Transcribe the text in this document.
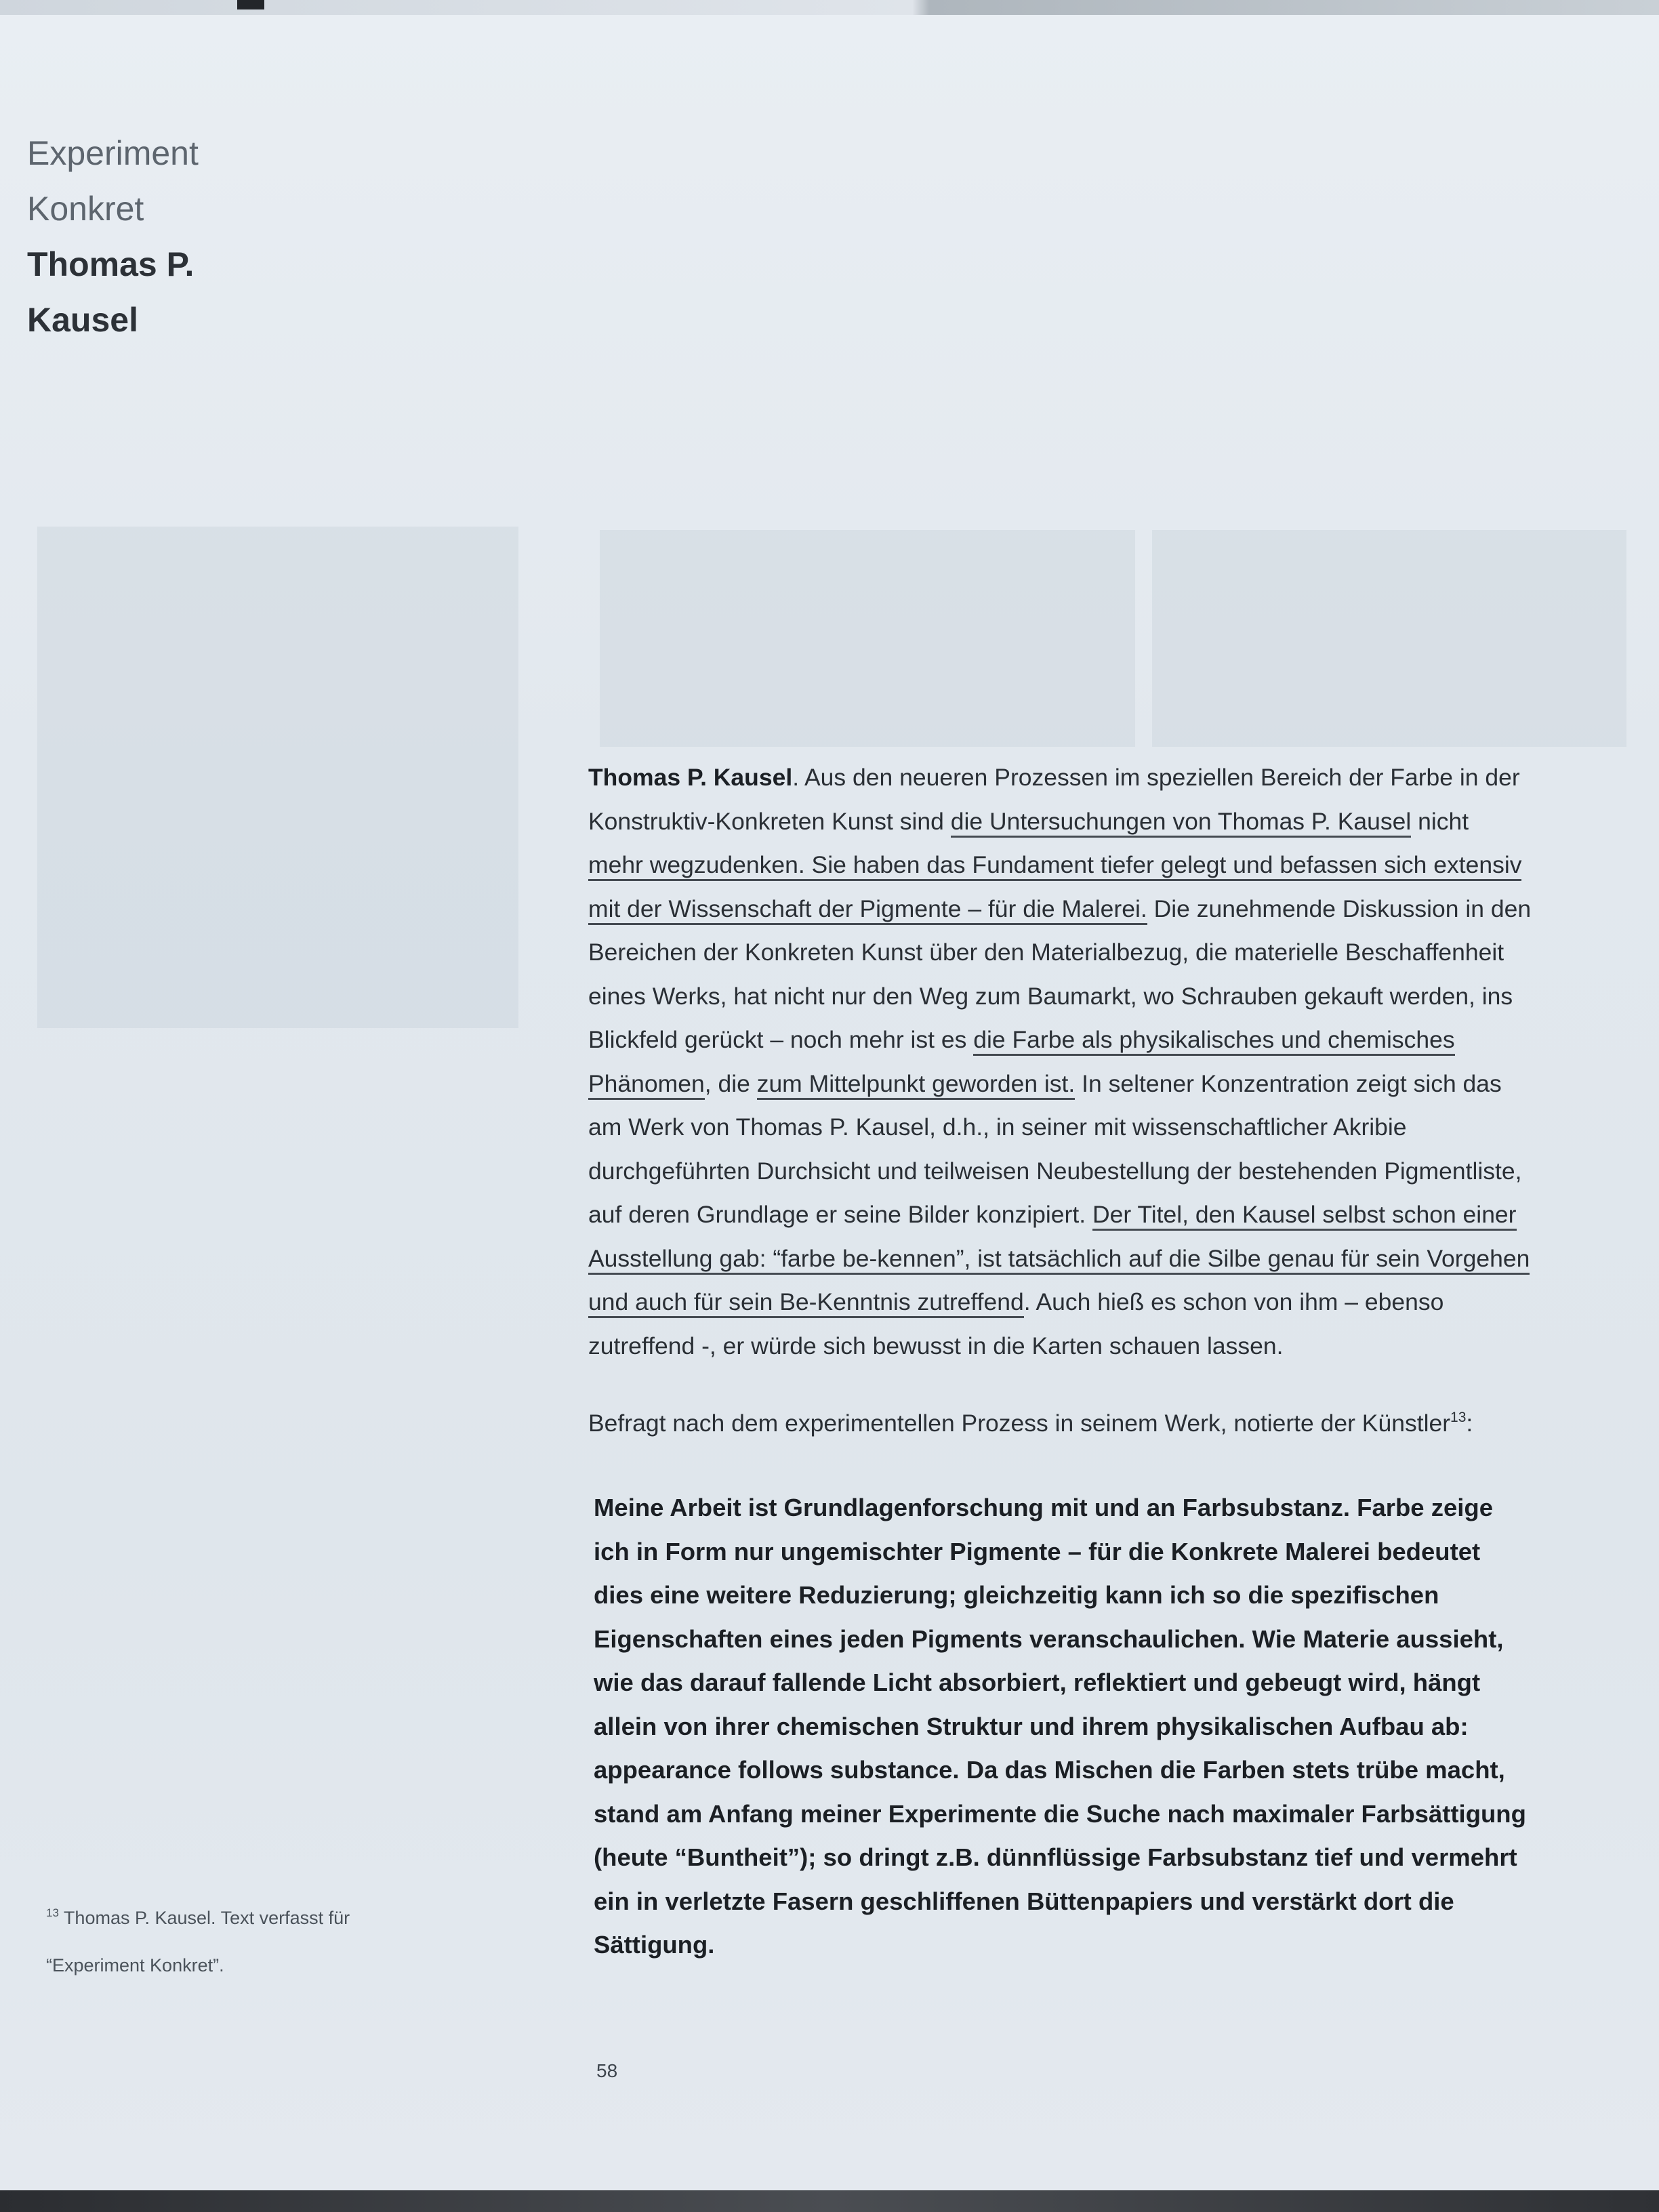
Experiment
Konkret
Thomas P.
Kausel
Thomas P. Kausel. Aus den neueren Prozessen im speziellen Bereich der Farbe in der
Konstruktiv-Konkreten Kunst sind die Untersuchungen von Thomas P. Kausel nicht
mehr wegzudenken. Sie haben das Fundament tiefer gelegt und befassen sich extensiv
mit der Wissenschaft der Pigmente – für die Malerei. Die zunehmende Diskussion in den
Bereichen der Konkreten Kunst über den Materialbezug, die materielle Beschaffenheit
eines Werks, hat nicht nur den Weg zum Baumarkt, wo Schrauben gekauft werden, ins
Blickfeld gerückt – noch mehr ist es die Farbe als physikalisches und chemisches
Phänomen, die zum Mittelpunkt geworden ist. In seltener Konzentration zeigt sich das
am Werk von Thomas P. Kausel, d.h., in seiner mit wissenschaftlicher Akribie
durchgeführten Durchsicht und teilweisen Neubestellung der bestehenden Pigmentliste,
auf deren Grundlage er seine Bilder konzipiert. Der Titel, den Kausel selbst schon einer
Ausstellung gab: “farbe be-kennen”, ist tatsächlich auf die Silbe genau für sein Vorgehen
und auch für sein Be-Kenntnis zutreffend. Auch hieß es schon von ihm – ebenso
zutreffend -, er würde sich bewusst in die Karten schauen lassen.
Befragt nach dem experimentellen Prozess in seinem Werk, notierte der Künstler$^{13}$:
Meine Arbeit ist Grundlagenforschung mit und an Farbsubstanz. Farbe zeige
ich in Form nur ungemischter Pigmente – für die Konkrete Malerei bedeutet
dies eine weitere Reduzierung; gleichzeitig kann ich so die spezifischen
Eigenschaften eines jeden Pigments veranschaulichen. Wie Materie aussieht,
wie das darauf fallende Licht absorbiert, reflektiert und gebeugt wird, hängt
allein von ihrer chemischen Struktur und ihrem physikalischen Aufbau ab:
appearance follows substance. Da das Mischen die Farben stets trübe macht,
stand am Anfang meiner Experimente die Suche nach maximaler Farbsättigung
(heute “Buntheit”); so dringt z.B. dünnflüssige Farbsubstanz tief und vermehrt
ein in verletzte Fasern geschliffenen Büttenpapiers und verstärkt dort die
Sättigung.
$^{13}$ Thomas P. Kausel. Text verfasst für
“Experiment Konkret”.
58
